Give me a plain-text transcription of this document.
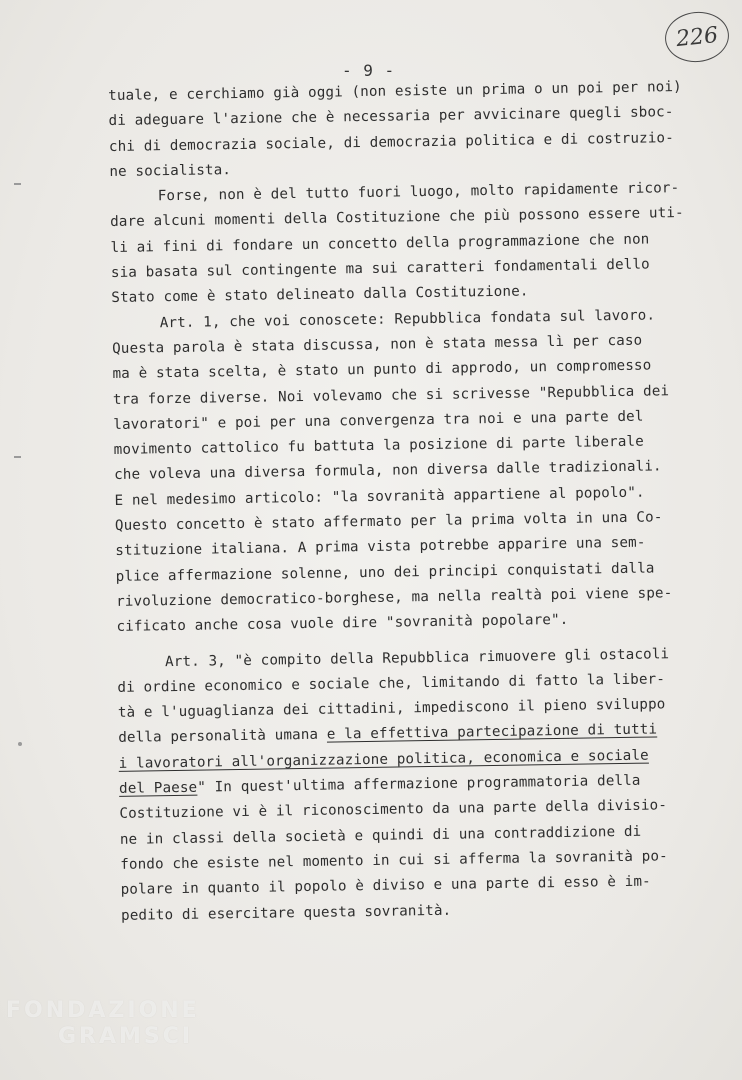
226
- 9 -

tuale, e cerchiamo già oggi (non esiste un prima o un poi per noi)
di adeguare l'azione che è necessaria per avvicinare quegli sboc-
chi di democrazia sociale, di democrazia politica e di costruzio-
ne socialista.

Forse, non è del tutto fuori luogo, molto rapidamente ricor-
dare alcuni momenti della Costituzione che più possono essere uti-
li ai fini di fondare un concetto della programmazione che non
sia basata sul contingente ma sui caratteri fondamentali dello
Stato come è stato delineato dalla Costituzione.

Art. 1, che voi conoscete: Repubblica fondata sul lavoro.
Questa parola è stata discussa, non è stata messa lì per caso
ma è stata scelta, è stato un punto di approdo, un compromesso
tra forze diverse. Noi volevamo che si scrivesse "Repubblica dei
lavoratori" e poi per una convergenza tra noi e una parte del
movimento cattolico fu battuta la posizione di parte liberale
che voleva una diversa formula, non diversa dalle tradizionali.
E nel medesimo articolo: "la sovranità appartiene al popolo".
Questo concetto è stato affermato per la prima volta in una Co-
stituzione italiana. A prima vista potrebbe apparire una sem-
plice affermazione solenne, uno dei principi conquistati dalla
rivoluzione democratico-borghese, ma nella realtà poi viene spe-
cificato anche cosa vuole dire "sovranità popolare".

Art. 3, "è compito della Repubblica rimuovere gli ostacoli
di ordine economico e sociale che, limitando di fatto la liber-
tà e l'uguaglianza dei cittadini, impediscono il pieno sviluppo
della personalità umana e la effettiva partecipazione di tutti
i lavoratori all'organizzazione politica, economica e sociale
del Paese" In quest'ultima affermazione programmatoria della
Costituzione vi è il riconoscimento da una parte della divisio-
ne in classi della società e quindi di una contraddizione di
fondo che esiste nel momento in cui si afferma la sovranità po-
polare in quanto il popolo è diviso e una parte di esso è im-
pedito di esercitare questa sovranità.

FONDAZIONE
GRAMSCI
